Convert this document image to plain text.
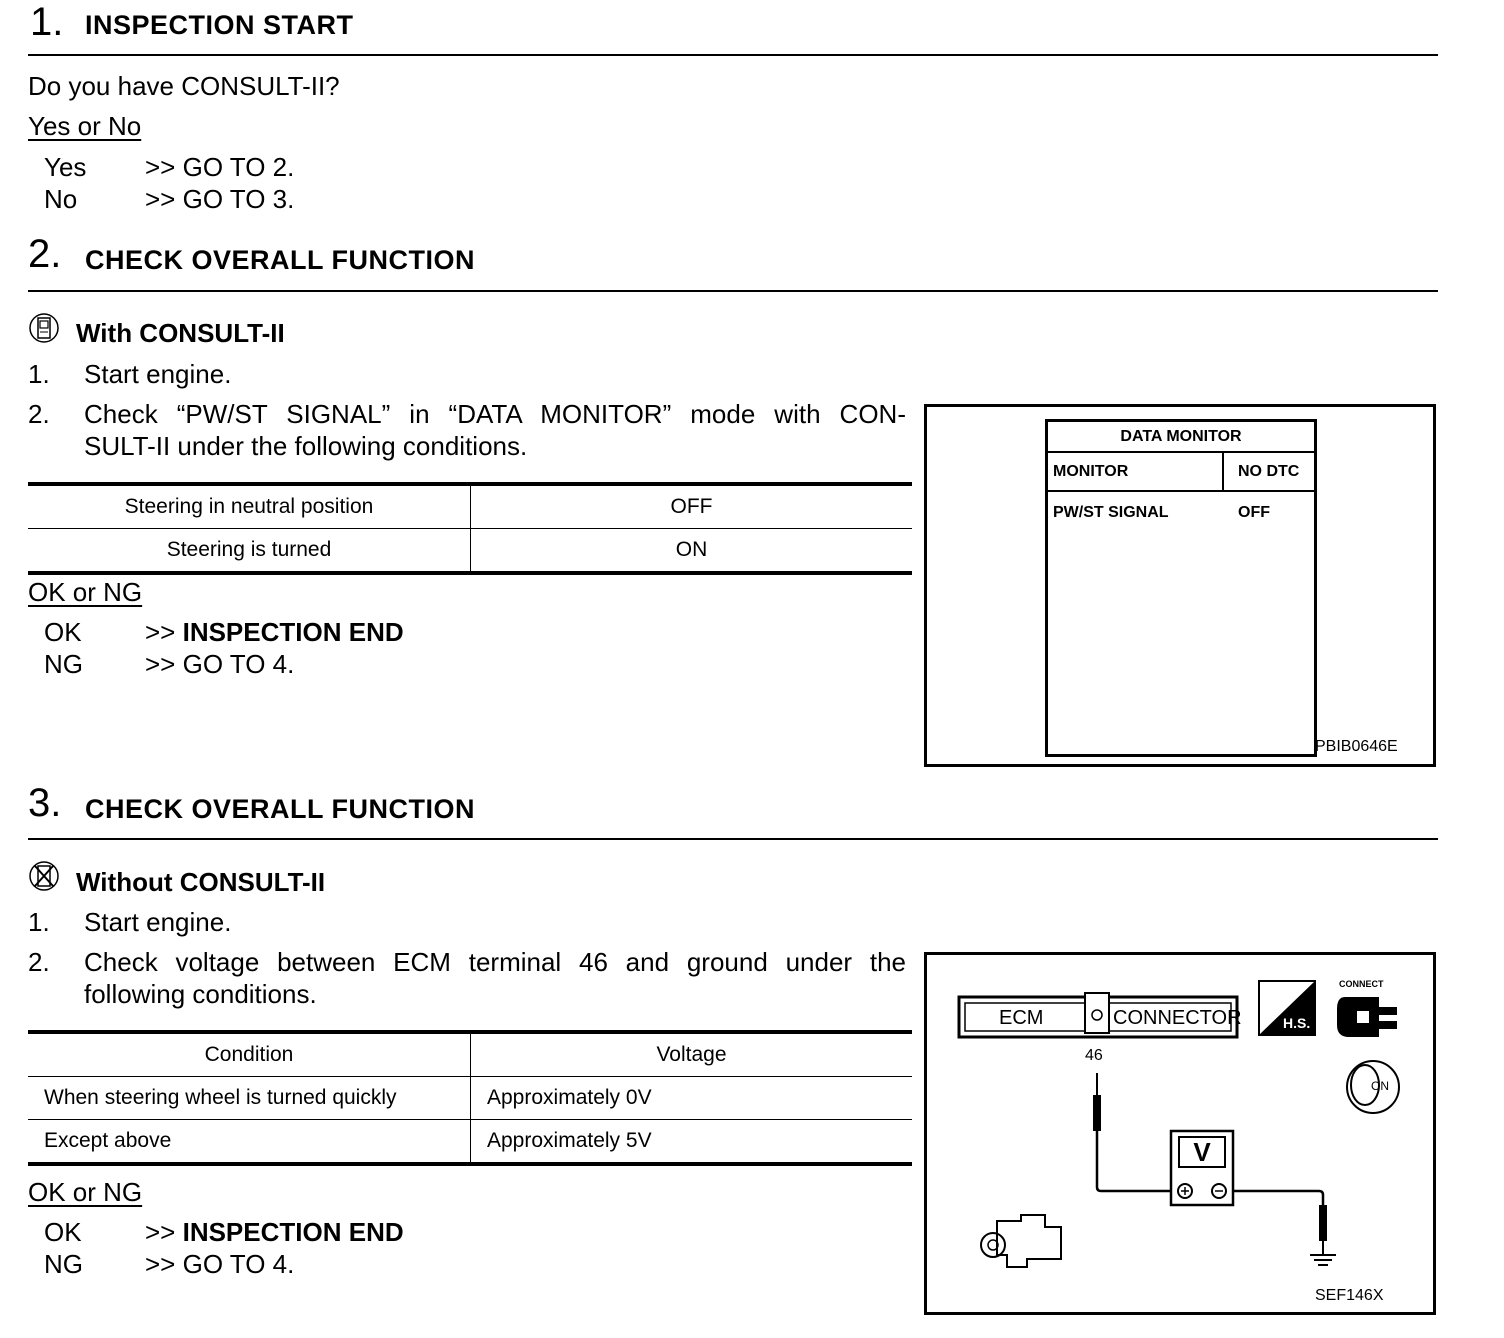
1. INSPECTION START
Do you have CONSULT-II?
Yes or No
Yes >> GO TO 2.
No	>> GO TO 3.
2. CHECK OVERALL FUNCTION
With CONSULT-II
1. Start engine.
2. Check “PW/ST SIGNAL” in “DATA MONITOR” mode with CON-
SULT-II under the following conditions.
Steering in neutral position	OFF
Steering is turned	ON
OK or NG
OK >> INSPECTION END
NG >> GO TO 4.
DATA MONITOR
MONITOR	NO DTC
PW/ST SIGNAL	OFF
PBIB0646E
3. CHECK OVERALL FUNCTION
Without CONSULT-II
1. Start engine.
2. Check voltage between ECM terminal 46 and ground under the
following conditions.
Condition	Voltage
When steering wheel is turned quickly	Approximately 0V
Except above	Approximately 5V
OK or NG
OK >> INSPECTION END
NG >> GO TO 4.
ECM	CONNECTOR
46
V
H.S.
CONNECT
ON
SEF146X
